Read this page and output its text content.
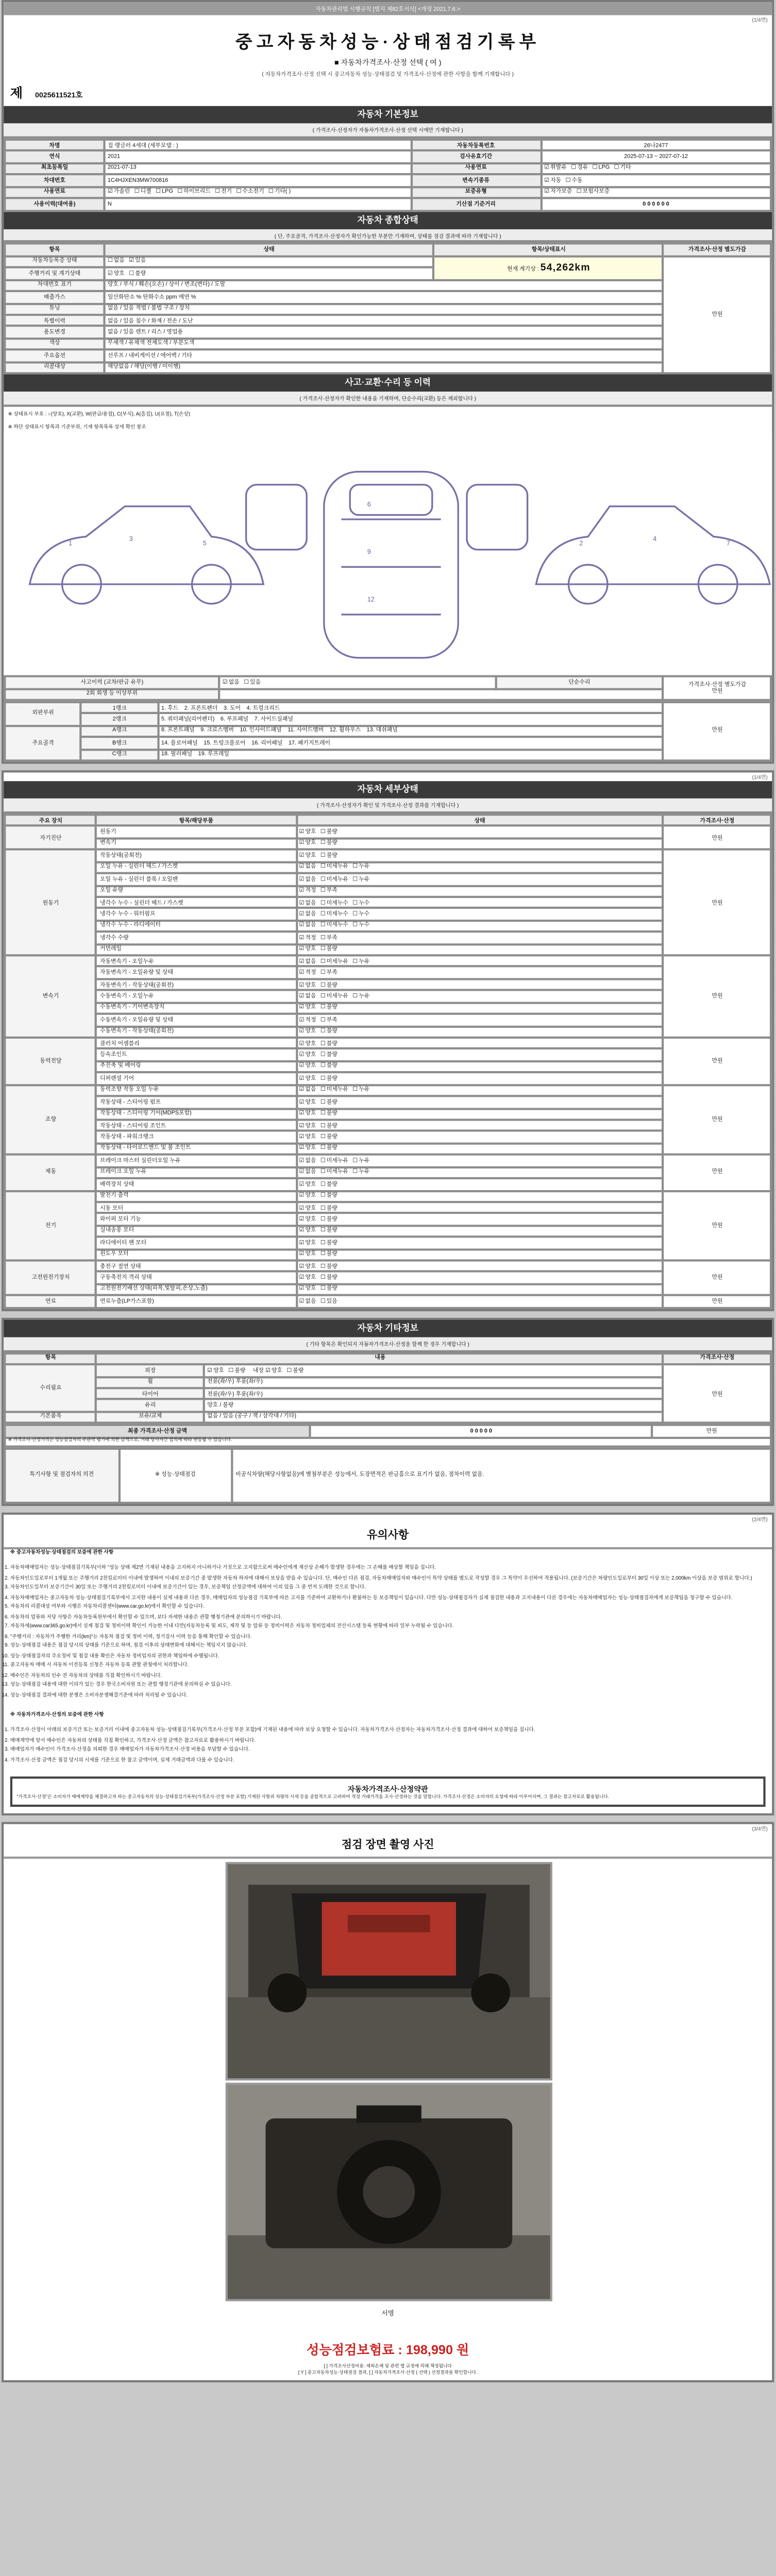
자동차관리법 시행규칙 [별지 제82호서식] <개정 2021.7.6.>
(1/4면)
중고자동차성능·상태점검기록부
■ 자동차가격조사·산정 선택 ( 여 )
( 자동차가격조사·산정 선택 시 중고자동차 성능·상태점검 및 가격조사·산정에 관한 사항을 함께 기재합니다 )
제	0025611521호
자동차 기본정보
( 가격조사·산정자가 자동차가격조사·산정 선택 시에만 기재합니다 )
차명	집 랭글러 4세대 (세부모델 : )	자동차등록번호	26나2477
연식	2021	검사유효기간	2025-07-13 ~ 2027-07-12
최초등록일	2021-07-13	사용연료	☑ 휘발유 ☐ 경유 ☐ LPG ☐ 기타
차대번호	1C4HJXEN3MW700816	변속기종류	☑ 자동 ☐ 수동
사용연료	☑ 가솔린 ☐ 디젤 ☐ LPG ☐ 하이브리드 ☐ 전기 ☐ 수소전기 ☐ 기타( )	보증유형	☑ 자가보증 ☐ 보험사보증
사용이력(대여용)	N	기산점 기준거리	0 0 0 0 0 0
자동차 종합상태
( 단, 주요골격, 가격조사·산정자가 확인가능한 부분만 기재하며, 상태를 점검 결과에 따라 기재합니다 )
항목	상태	항목/상태표시	가격조사·산정 별도가감
자동차등록증 상태	☐ 없음 ☑ 있음	현재 계기상 : 54,262km	만원
주행거리 및 계기상태	☑ 양호 ☐ 불량
차대번호 표기	양호 / 부식 / 훼손(오손) / 상이 / 변조(변타) / 도말		
배출가스	일산화탄소 % 탄화수소 ppm 매연 %		
튜닝	없음 / 있음 적법 / 불법 구조 / 장치		
특별이력	없음 / 있음 침수 / 화재 / 전손 / 도난		
용도변경	없음 / 있음 렌트 / 리스 / 영업용		
색상	무채색 / 유채색 전체도색 / 부분도색		
주요옵션	선루프 / 내비게이션 / 에어백 / 기타		
리콜대상	해당없음 / 해당(이행 / 미이행)		
사고·교환·수리 등 이력
( 가격조사·산정자가 확인한 내용을 기재하며, 단순수리(교환) 등은 제외합니다 )
※ 상태표시 부호 : ○(양호), X(교환), W(판금/용접), C(부식), A(흠집), U(요철), T(손상)
※ 하단 상태표시 항목과 기준부위, 기재 항목목록 상세 확인 참조
1
3
5
6
9
12
2
4
7
사고이력 (교차/판금 유무)	☑ 없음 ☐ 있음	단순수리	가격조사·산정 별도가감
만원

2회 회생 등 이상부위			
외판부위	1랭크	1. 후드 2. 프론트펜더 3. 도어 4. 트렁크리드	만원
	2랭크	5. 쿼터패널(리어펜더) 6. 루프패널 7. 사이드실패널	
주요골격	A랭크	8. 프론트패널 9. 크로스멤버 10. 인사이드패널 11. 사이드멤버 12. 휠하우스 13. 대쉬패널	
	B랭크	14. 플로어패널 15. 트렁크플로어 16. 리어패널 17. 패키지트레이	
	C랭크	18. 필러패널 19. 루프레일	
(1/4면)
자동차 세부상태
( 가격조사·산정자가 확인 및 가격조사·산정 결과를 기재합니다 )
주요 장치	항목/해당부품	상태	가격조사·산정
자기진단	원동기	☑ 양호 ☐ 불량	만원
	변속기	☑ 양호 ☐ 불량
원동기	작동상태(공회전)	☑ 양호 ☐ 불량	만원
	오일 누유 - 실린더 헤드 / 가스켓	☑ 없음 ☐ 미세누유 ☐ 누유
	오일 누유 - 실린더 블록 / 오일팬	☑ 없음 ☐ 미세누유 ☐ 누유
	오일 유량	☑ 적정 ☐ 부족
	냉각수 누수 - 실린더 헤드 / 가스켓	☑ 없음 ☐ 미세누수 ☐ 누수
	냉각수 누수 - 워터펌프	☑ 없음 ☐ 미세누수 ☐ 누수
	냉각수 누수 - 라디에이터	☑ 없음 ☐ 미세누수 ☐ 누수
	냉각수 수량	☑ 적정 ☐ 부족
	커먼레일	☑ 양호 ☐ 불량
변속기	자동변속기 - 오일누유	☑ 없음 ☐ 미세누유 ☐ 누유	만원
	자동변속기 - 오일유량 및 상태	☑ 적정 ☐ 부족
	자동변속기 - 작동상태(공회전)	☑ 양호 ☐ 불량
	수동변속기 - 오일누유	☑ 없음 ☐ 미세누유 ☐ 누유
	수동변속기 - 기어변속장치	☑ 양호 ☐ 불량
	수동변속기 - 오일유량 및 상태	☑ 적정 ☐ 부족
	수동변속기 - 작동상태(공회전)	☑ 양호 ☐ 불량
동력전달	클러치 어셈블리	☑ 양호 ☐ 불량	만원
	등속조인트	☑ 양호 ☐ 불량
	추진축 및 베어링	☑ 양호 ☐ 불량
	디퍼렌셜 기어	☑ 양호 ☐ 불량
조향	동력조향 작동 오일 누유	☑ 없음 ☐ 미세누유 ☐ 누유	만원
	작동상태 - 스티어링 펌프	☑ 양호 ☐ 불량
	작동상태 - 스티어링 기어(MDPS포함)	☑ 양호 ☐ 불량
	작동상태 - 스티어링 조인트	☑ 양호 ☐ 불량
	작동상태 - 파워크랭크	☑ 양호 ☐ 불량
	작동상태 - 타이로드엔드 및 볼 조인트	☑ 양호 ☐ 불량
제동	브레이크 마스터 실린더오일 누유	☑ 없음 ☐ 미세누유 ☐ 누유	만원
	브레이크 오일 누유	☑ 없음 ☐ 미세누유 ☐ 누유
	배력장치 상태	☑ 양호 ☐ 불량
전기	발전기 출력	☑ 양호 ☐ 불량	만원
	시동 모터	☑ 양호 ☐ 불량
	와이퍼 모터 기능	☑ 양호 ☐ 불량
	실내송풍 모터	☑ 양호 ☐ 불량
	라디에이터 팬 모터	☑ 양호 ☐ 불량
	윈도우 모터	☑ 양호 ☐ 불량
고전원전기장치	충전구 절연 상태	☑ 양호 ☐ 불량	만원
	구동축전지 격리 상태	☑ 양호 ☐ 불량
	고전원전기배선 상태(피복,빛탈피,손상,노출)	☑ 양호 ☐ 불량
연료	연료누출(LP가스포함)	☑ 없음 ☐ 있음	만원
자동차 기타정보
( 기타 항목은 확인되지 자동차가격조사·산정을 함께 한 경우 기재합니다 )
항목	내용		가격조사·산정
수리필요	외장	☑ 양호 ☐ 불량 내장 ☑ 양호 ☐ 불량	만원
	휠	전륜(좌/우) 후륜(좌/우)	
	타이어	전륜(좌/우) 후륜(좌/우)	
	유리	양호 / 불량	
기본품목	보유/교체	없음 / 있음 (공구 / 잭 / 삼각대 / 기타)	
최종 가격조사·산정 금액	0 0 0 0 0	만원
※ 가격조사·산정가격은 성능점검자의 주관적 평가에 의한 금액으로, 거래 당사자간 합의에 따라 변동될 수 있습니다.
특기사항 및 점검자의 의견	※ 성능·상태점검	비공식차량(해당사항없음)에 별첨부분은 성능에서, 도장면적은 판금흠으로 표기가 없음, 절차이력 없음.
(2/4면)
유의사항
※ 중고자동차성능·상태점검의 보증에 관한 사항
1. 자동차매매업자는 성능·상태점검기록부(이하 "성능 상태 제2면 기재된 내용을 고지하지 아니하거나 거짓으로 고지함으로써 매수인에게 재산상 손해가 발생한 경우에는 그 손해를 배상할 책임을 집니다.
2. 자동차인도일로부터 1개월 또는 주행거리 2천킬로미터 이내에 발생하여 이내의 보증기간 중 발생한 자동차 하자에 대해서 보상을 받을 수 있습니다. 단, 매수인 다른 점검, 자동차매매업자와 매수인이 특약 상태를 별도로 작성할 경우 그 특약이 우선하여 적용됩니다. (보증기간은 차량인도일로부터 30일 이상 또는 2,000km 이상을 보증 범위로 합니다.)
3. 자동차인도일부터 보증기간이 30일 또는 주행거리 2천킬로미터 이내에 보증기간이 있는 경우, 보증책임 산정금액에 대하여 이의 있을 그 중 먼저 도래한 것으로 합니다.
4. 자동차매매업자는 중고자동차 성능·상태점검기록부에서 고지한 내용이 실제 내용과 다른 경우, 매매업자의 성능점검 기록부에 따른 고지를 기준하여 교환하거나 환불하는 등 보증책임이 있습니다. 다만 성능·상태점검자가 실제 점검한 내용과 고지내용이 다른 경우에는 자동차매매업자는 성능·상태점검자에게 보증책임을 청구할 수 있습니다.
5. 자동차의 리콜대상 여부와 시행은 자동차리콜센터(www.car.go.kr)에서 확인할 수 있습니다.
6. 자동차의 압류와 저당 사항은 자동차등록원부에서 확인할 수 있으며, 보다 자세한 내용은 관할 행정기관에 문의하시기 바랍니다.
7. 자동차세(www.car365.go.kr)에서 실제 점검 및 정비이력 확인이 가능한 이내 다만(자동차등록 및 피도, 제작 및 등 압류 등 정비이력은 자동차 정비업체의 전산시스템 등록 현황에 따라 일부 누락될 수 있습니다.
8. "주행거리 : 자동차가 주행한 거리(km)"는 자동차 점검 및 정비 이력, 정기검사 이력 등을 통해 확인할 수 있습니다.
9. 성능·상태점검 내용은 점검 당시의 상태를 기준으로 하며, 점검 이후의 상태변화에 대해서는 책임지지 않습니다.
10. 성능·상태점검자의 주요정비 및 점검 내용 확인은 자동차 정비업자의 권한과 책임하에 수행됩니다.
11. 중고자동차 매매 시 자동차 이전등록 신청은 자동차 등록 관할 관청에서 처리합니다.
12. 매수인은 자동차의 인수 전 자동차의 상태를 직접 확인하시기 바랍니다.
13. 성능·상태점검 내용에 대한 이의가 있는 경우 한국소비자원 또는 관할 행정기관에 문의하실 수 있습니다.
14. 성능·상태점검 결과에 대한 분쟁은 소비자분쟁해결기준에 따라 처리될 수 있습니다.
※ 자동차가격조사·산정의 보증에 관한 사항
1. 가격조사·산정이 아래의 보증기간 또는 보증거리 이내에 중고자동차 성능·상태점검기록부(가격조사·산정 부분 포함)에 기재된 내용에 따라 보상 요청할 수 있습니다. 자동차가격조사·산정자는 자동차가격조사·산정 결과에 대하여 보증책임을 집니다.
2. 매매계약에 앞서 매수인은 자동차의 상태를 직접 확인하고, 가격조사·산정 금액은 참고자료로 활용하시기 바랍니다.
3. 매매업자가 매수인이 가격조사·산정을 의뢰한 경우 매매업자가 자동차가격조사·산정 비용을 부담할 수 있습니다.
4. 가격조사·산정 금액은 점검 당시의 시세를 기준으로 한 참고 금액이며, 실제 거래금액과 다를 수 있습니다.
자동차가격조사·산정약관
"가격조사·산정"은 소비자가 매매계약을 체결하고자 하는 중고자동차의 성능·상태점검기록부(가격조사·산정 부분 포함) 기재된 사항과 차량의 시세 등을 종합적으로 고려하여 적정 거래가격을 조사·산정하는 것을 말합니다. 가격조사·산정은 소비자의 요청에 따라 이루어지며, 그 결과는 참고자료로 활용됩니다.
(3/4면)
점검 장면 촬영 사진
서명
성능점검보험료 : 198,990 원
[ ] 가격조사산정비용: 제외손체 및 관련 법 규정에 의해 책정됩니다
[ Y ] 중고자동차성능·상태점검 결과, [ ] 자동차가격조사·산정 ( 선택 ) 선정결과를 확인합니다.
